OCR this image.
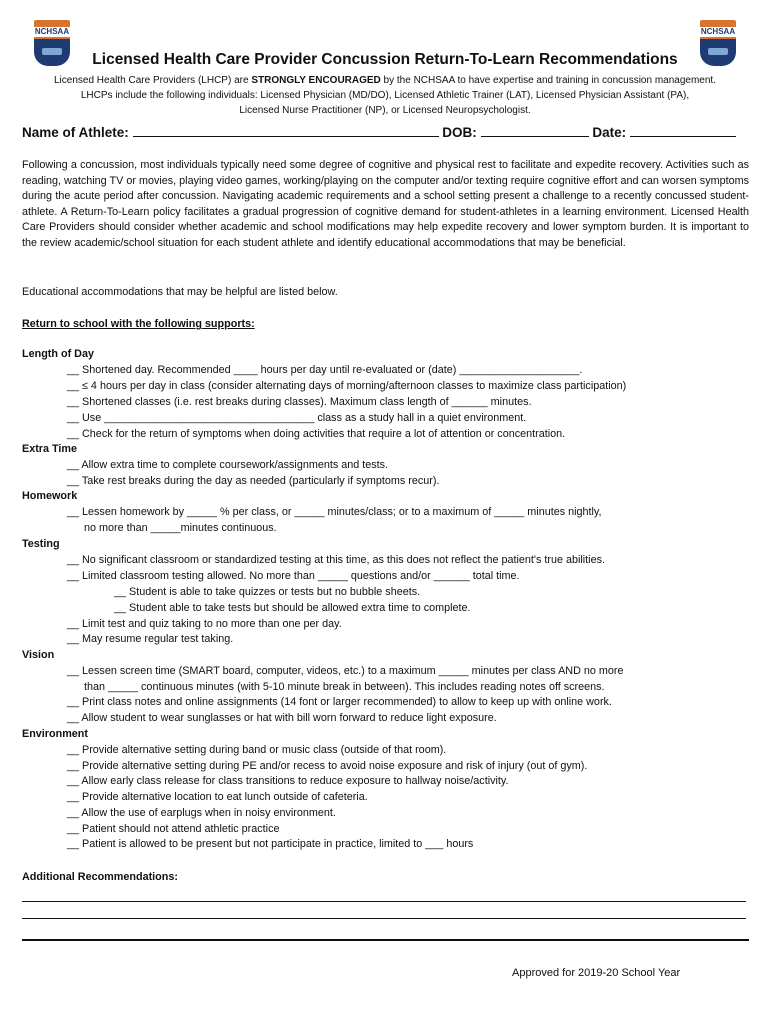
NCHSAA	NCHSAA
Licensed Health Care Provider Concussion Return-To-Learn Recommendations
Licensed Health Care Providers (LHCP) are STRONGLY ENCOURAGED by the NCHSAA to have expertise and training in concussion management.
LHCPs include the following individuals: Licensed Physician (MD/DO), Licensed Athletic Trainer (LAT), Licensed Physician Assistant (PA),
Licensed Nurse Practitioner (NP), or Licensed Neuropsychologist.
Name of Athlete:	DOB:	Date:
Following a concussion, most individuals typically need some degree of cognitive and physical rest to facilitate and expedite recovery. Activities such as reading, watching TV or movies, playing video games, working/playing on the computer and/or texting require cognitive effort and can worsen symptoms during the acute period after concussion. Navigating academic requirements and a school setting present a challenge to a recently concussed student-athlete. A Return-To-Learn policy facilitates a gradual progression of cognitive demand for student-athletes in a learning environment. Licensed Health Care Providers should consider whether academic and school modifications may help expedite recovery and lower symptom burden. It is important to the review academic/school situation for each student athlete and identify educational accommodations that may be beneficial.
Educational accommodations that may be helpful are listed below.
Return to school with the following supports:
Length of Day
__ Shortened day. Recommended ____ hours per day until re-evaluated or (date) ____________________.
__ ≤ 4 hours per day in class (consider alternating days of morning/afternoon classes to maximize class participation)
__ Shortened classes (i.e. rest breaks during classes). Maximum class length of ______ minutes.
__ Use ___________________________________ class as a study hall in a quiet environment.
__ Check for the return of symptoms when doing activities that require a lot of attention or concentration.
Extra Time
__ Allow extra time to complete coursework/assignments and tests.
__ Take rest breaks during the day as needed (particularly if symptoms recur).
Homework
__ Lessen homework by _____ % per class, or _____ minutes/class; or to a maximum of _____ minutes nightly,
no more than _____minutes continuous.
Testing
__ No significant classroom or standardized testing at this time, as this does not reflect the patient's true abilities.
__ Limited classroom testing allowed. No more than _____ questions and/or ______ total time.
__ Student is able to take quizzes or tests but no bubble sheets.
__ Student able to take tests but should be allowed extra time to complete.
__ Limit test and quiz taking to no more than one per day.
__ May resume regular test taking.
Vision
__ Lessen screen time (SMART board, computer, videos, etc.) to a maximum _____ minutes per class AND no more
than _____ continuous minutes (with 5-10 minute break in between). This includes reading notes off screens.
__ Print class notes and online assignments (14 font or larger recommended) to allow to keep up with online work.
__ Allow student to wear sunglasses or hat with bill worn forward to reduce light exposure.
Environment
__ Provide alternative setting during band or music class (outside of that room).
__ Provide alternative setting during PE and/or recess to avoid noise exposure and risk of injury (out of gym).
__ Allow early class release for class transitions to reduce exposure to hallway noise/activity.
__ Provide alternative location to eat lunch outside of cafeteria.
__ Allow the use of earplugs when in noisy environment.
__ Patient should not attend athletic practice
__ Patient is allowed to be present but not participate in practice, limited to ___ hours
Additional Recommendations:
Approved for 2019-20 School Year
